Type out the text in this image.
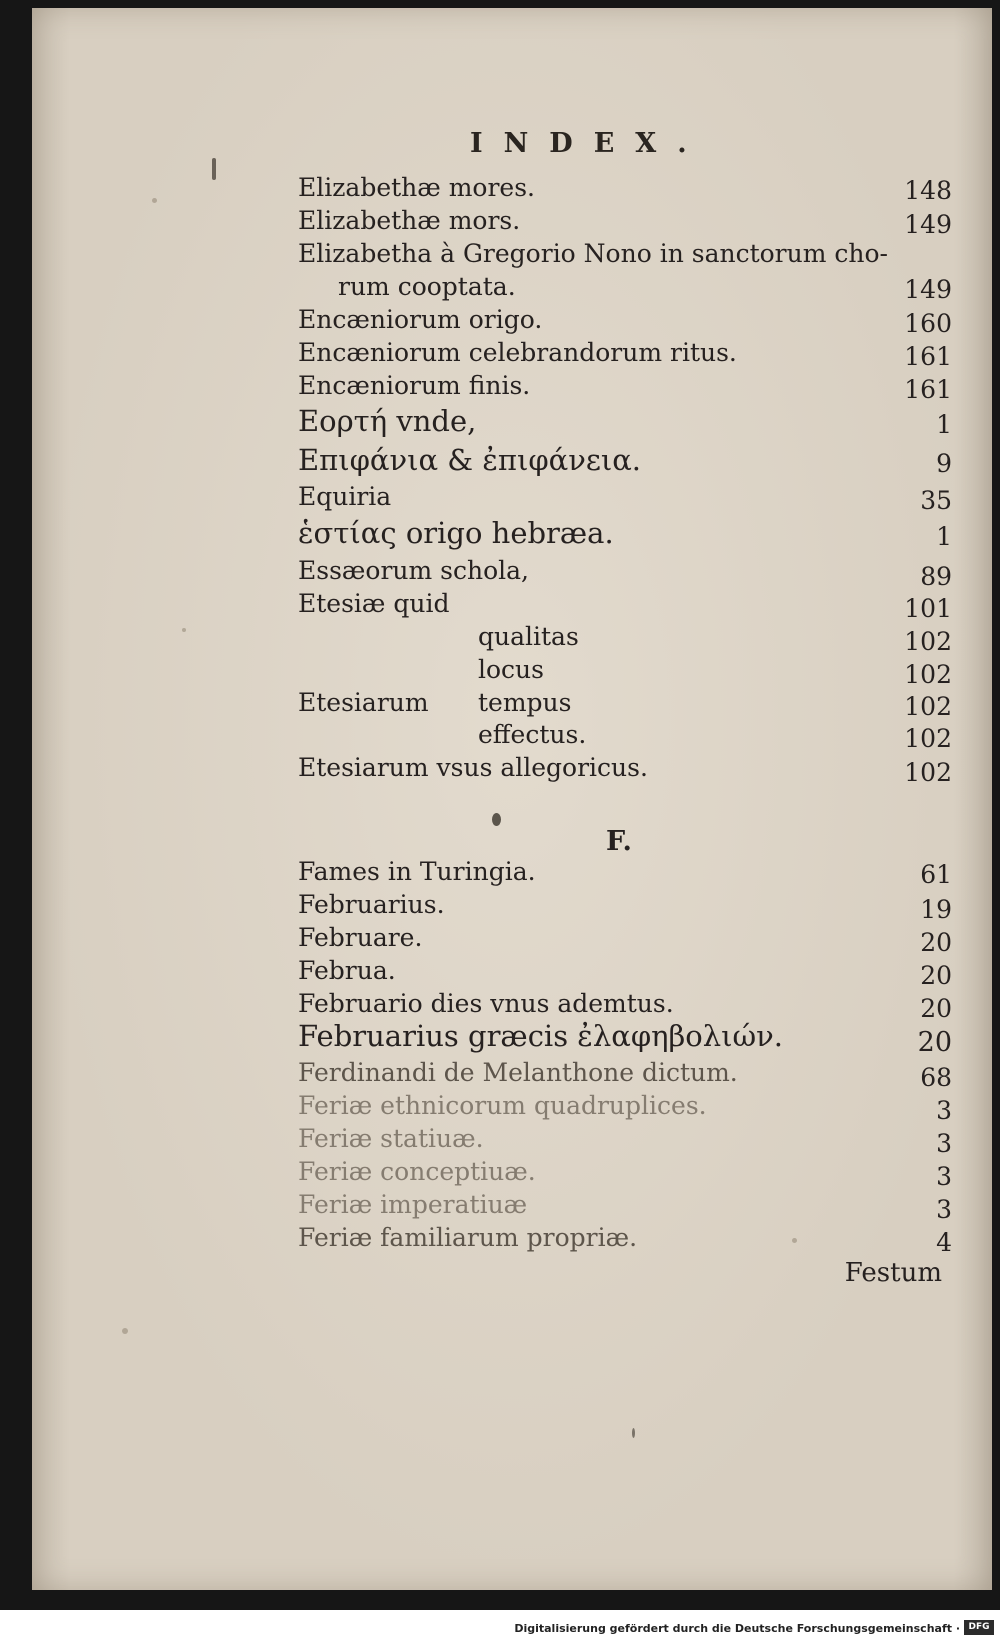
INDEX.
Elizabethæ mores.	148
Elizabethæ mors.	149
Elizabetha à Gregorio Nono in sanctorum cho-
rum cooptata.	149
Encæniorum origo.	160
Encæniorum celebrandorum ritus.	161
Encæniorum finis.	161
Εορτή vnde,	1
Επιφάνια & ἐπιφάνεια.	9
Equiria	35
ἑστίας origo hebræa.	1
Essæorum schola,	89
Etesiæ quid	101
qualitas	102
locus	102
Etesiarum tempus	102
effectus.	102
Etesiarum vsus allegoricus.	102
F.
Fames in Turingia.	61
Februarius.	19
Februare.	20
Februa.	20
Februario dies vnus ademtus.	20
Februarius græcis ἐλαφηβολιών.	20
Ferdinandi de Melanthone dictum.	68
Feriæ ethnicorum quadruplices.	3
Feriæ statiuæ.	3
Feriæ conceptiuæ.	3
Feriæ imperatiuæ	3
Feriæ familiarum propriæ.	4
Festum
Digitalisierung gefördert durch die Deutsche Forschungsgemeinschaft · DFG
